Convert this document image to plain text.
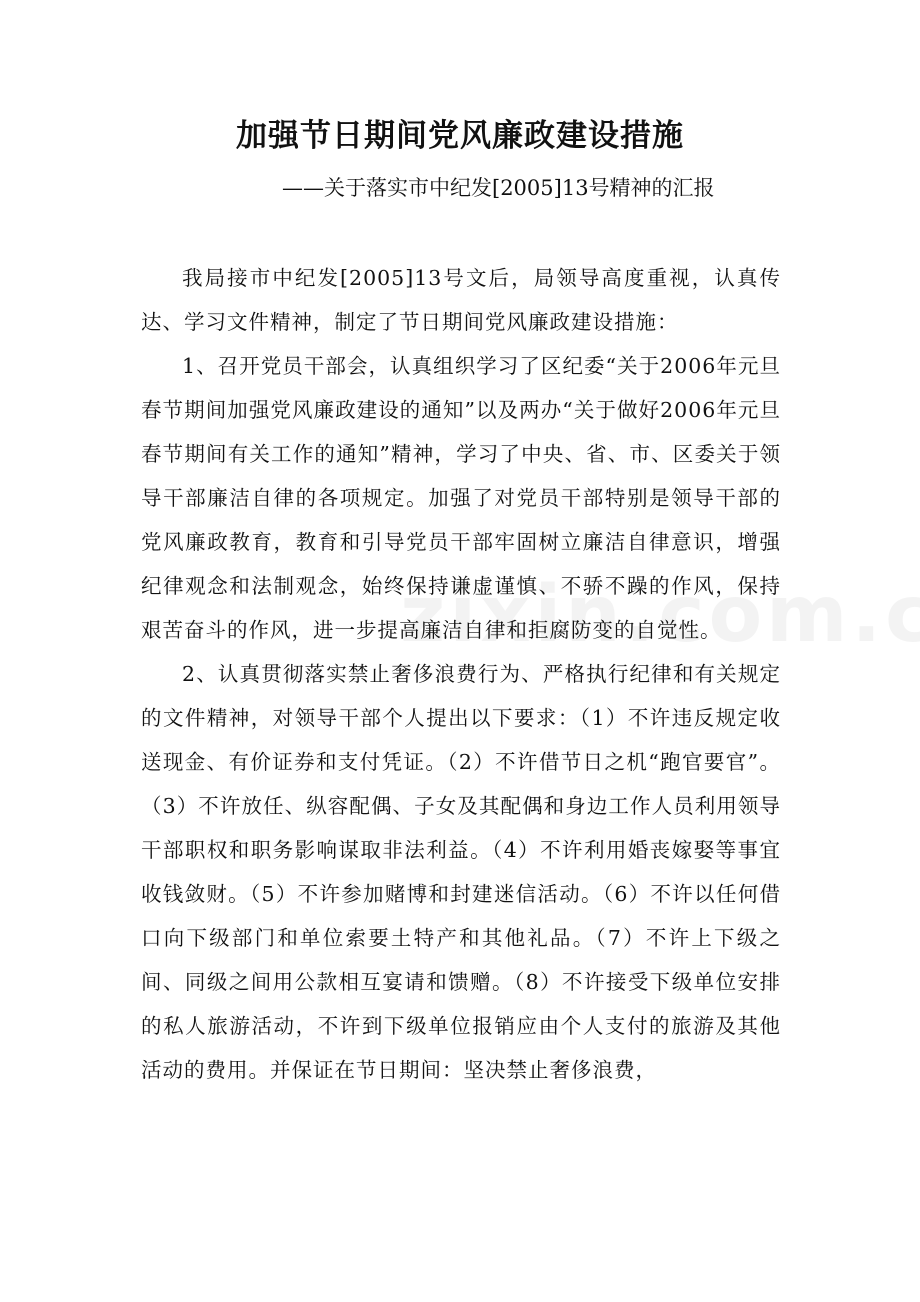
加强节日期间党风廉政建设措施
——关于落实市中纪发[2005]13号精神的汇报

我局接市中纪发[2005]13号文后，局领导高度重视，认真传达、学习文件精神，制定了节日期间党风廉政建设措施：

1、召开党员干部会，认真组织学习了区纪委“关于2006年元旦春节期间加强党风廉政建设的通知”以及两办“关于做好2006年元旦春节期间有关工作的通知”精神，学习了中央、省、市、区委关于领导干部廉洁自律的各项规定。加强了对党员干部特别是领导干部的党风廉政教育，教育和引导党员干部牢固树立廉洁自律意识，增强纪律观念和法制观念，始终保持谦虚谨慎、不骄不躁的作风，保持艰苦奋斗的作风，进一步提高廉洁自律和拒腐防变的自觉性。

2、认真贯彻落实禁止奢侈浪费行为、严格执行纪律和有关规定的文件精神，对领导干部个人提出以下要求：（1）不许违反规定收送现金、有价证券和支付凭证。（2）不许借节日之机“跑官要官”。（3）不许放任、纵容配偶、子女及其配偶和身边工作人员利用领导干部职权和职务影响谋取非法利益。（4）不许利用婚丧嫁娶等事宜收钱敛财。（5）不许参加赌博和封建迷信活动。（6）不许以任何借口向下级部门和单位索要土特产和其他礼品。（7）不许上下级之间、同级之间用公款相互宴请和馈赠。（8）不许接受下级单位安排的私人旅游活动，不许到下级单位报销应由个人支付的旅游及其他活动的费用。并保证在节日期间：坚决禁止奢侈浪费，
